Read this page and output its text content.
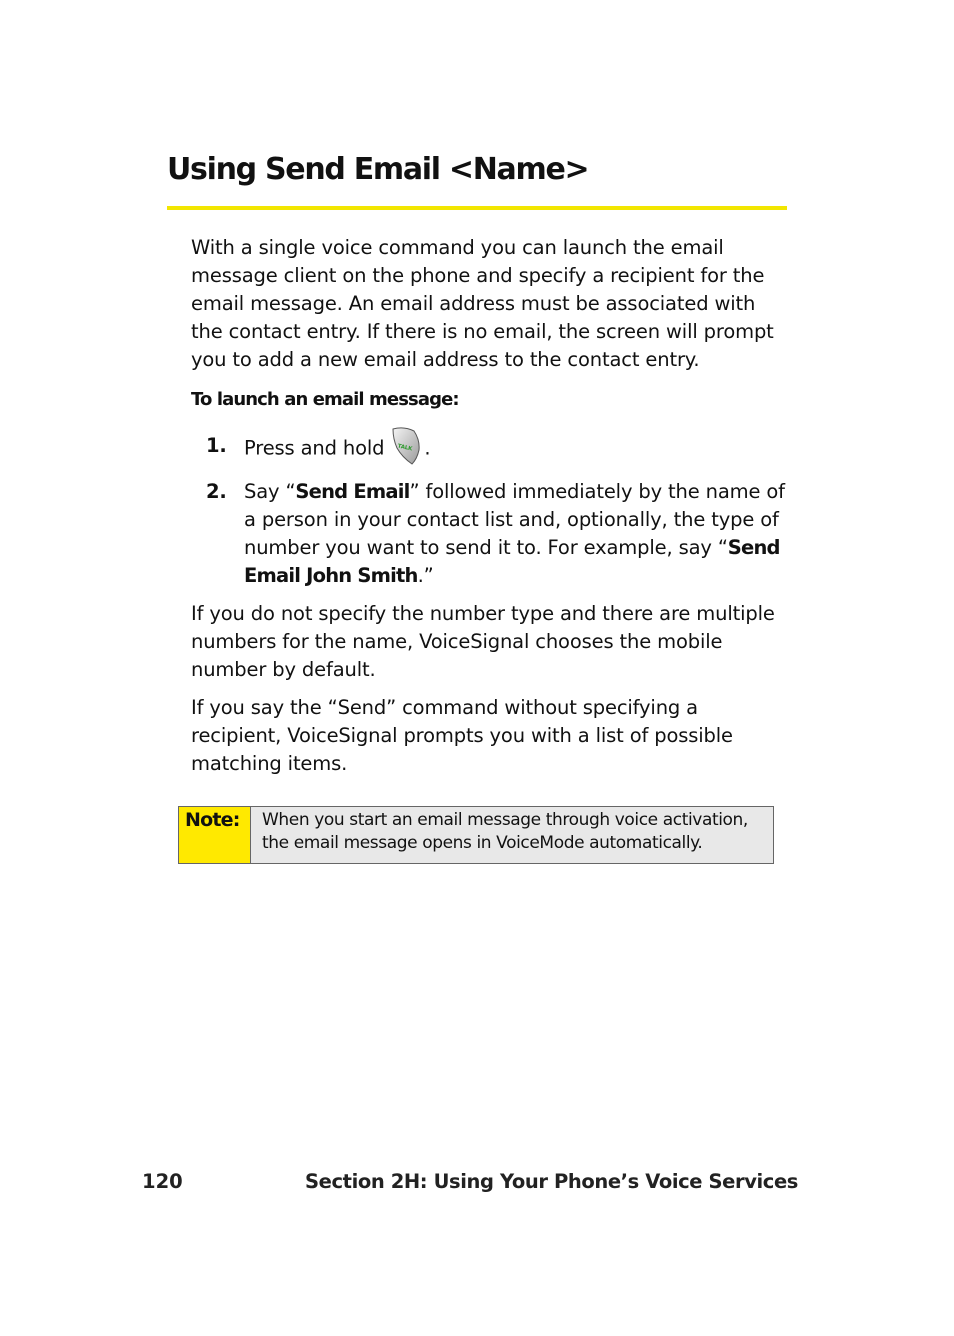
Using Send Email <Name>

With a single voice command you can launch the email message client on the phone and specify a recipient for the email message. An email address must be associated with the contact entry. If there is no email, the screen will prompt you to add a new email address to the contact entry.

To launch an email message:

1. Press and hold TALK .
2. Say “Send Email” followed immediately by the name of a person in your contact list and, optionally, the type of number you want to send it to. For example, say “Send Email John Smith.”

If you do not specify the number type and there are multiple numbers for the name, VoiceSignal chooses the mobile number by default.

If you say the “Send” command without specifying a recipient, VoiceSignal prompts you with a list of possible matching items.

Note:	When you start an email message through voice activation, the email message opens in VoiceMode automatically.
120	Section 2H: Using Your Phone’s Voice Services
